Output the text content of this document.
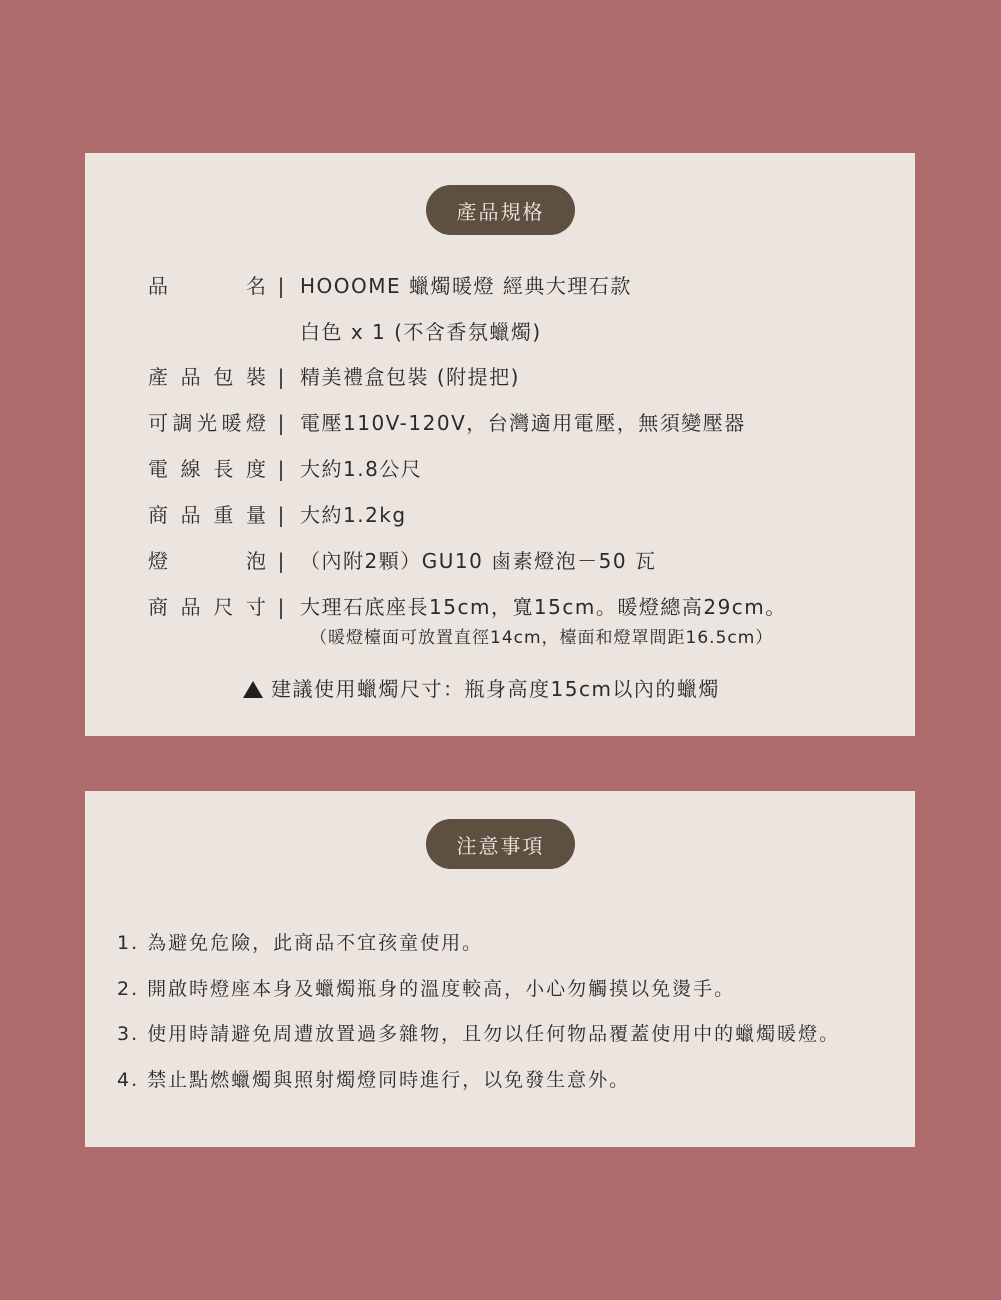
產品規格
品　　名 | HOOOME 蠟燭暖燈 經典大理石款
白色 x 1 (不含香氛蠟燭)
產品包裝 | 精美禮盒包裝 (附提把)
可調光暖燈 | 電壓110V-120V，台灣適用電壓，無須變壓器
電線長度 | 大約1.8公尺
商品重量 | 大約1.2kg
燈　　泡 | （內附2顆）GU10 鹵素燈泡－50 瓦
商品尺寸 | 大理石底座長15cm，寬15cm。暖燈總高29cm。
（暖燈檯面可放置直徑14cm，檯面和燈罩間距16.5cm）
建議使用蠟燭尺寸：瓶身高度15cm以內的蠟燭
注意事項
1. 為避免危險，此商品不宜孩童使用。
2. 開啟時燈座本身及蠟燭瓶身的溫度較高，小心勿觸摸以免燙手。
3. 使用時請避免周遭放置過多雜物，且勿以任何物品覆蓋使用中的蠟燭暖燈。
4. 禁止點燃蠟燭與照射燭燈同時進行，以免發生意外。
